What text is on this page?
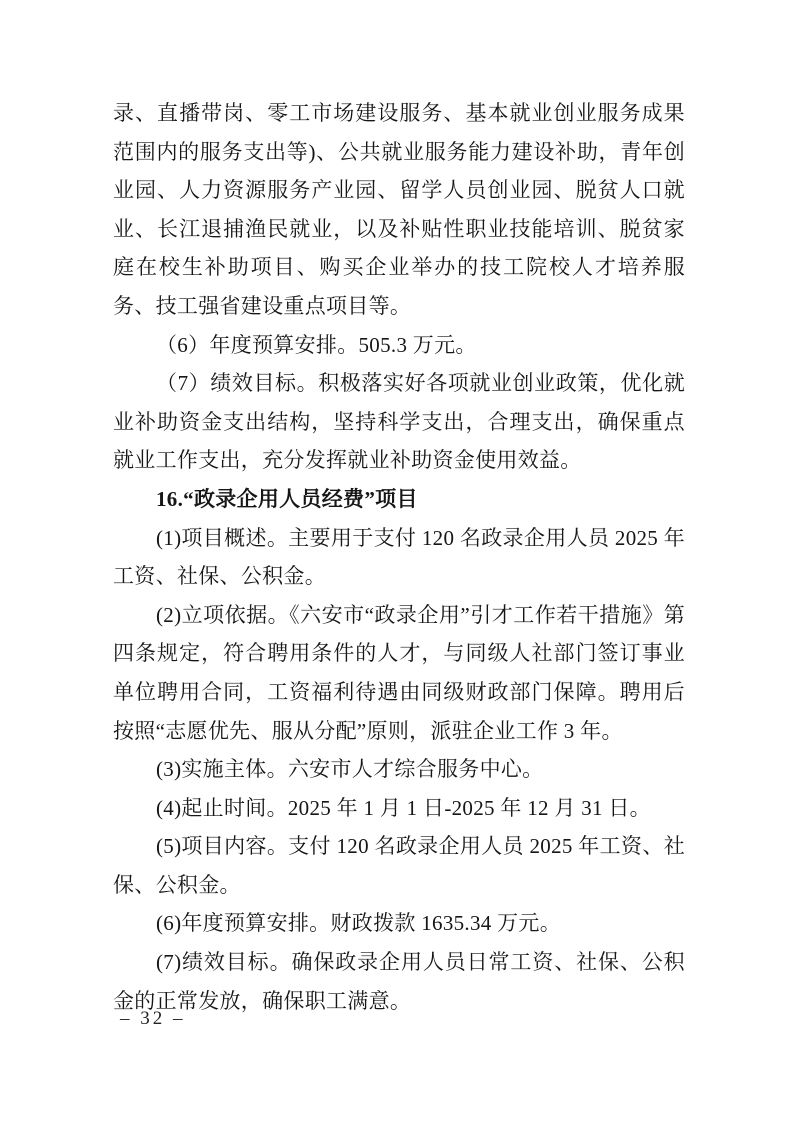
录、直播带岗、零工市场建设服务、基本就业创业服务成果范围内的服务支出等)、公共就业服务能力建设补助，青年创业园、人力资源服务产业园、留学人员创业园、脱贫人口就业、长江退捕渔民就业，以及补贴性职业技能培训、脱贫家庭在校生补助项目、购买企业举办的技工院校人才培养服务、技工强省建设重点项目等。

（6）年度预算安排。505.3 万元。

（7）绩效目标。积极落实好各项就业创业政策，优化就业补助资金支出结构，坚持科学支出，合理支出，确保重点就业工作支出，充分发挥就业补助资金使用效益。

16.“政录企用人员经费”项目

(1)项目概述。主要用于支付 120 名政录企用人员 2025 年工资、社保、公积金。

(2)立项依据。《六安市“政录企用”引才工作若干措施》第四条规定，符合聘用条件的人才，与同级人社部门签订事业单位聘用合同，工资福利待遇由同级财政部门保障。聘用后按照“志愿优先、服从分配”原则，派驻企业工作 3 年。

(3)实施主体。六安市人才综合服务中心。

(4)起止时间。2025 年 1 月 1 日-2025 年 12 月 31 日。

(5)项目内容。支付 120 名政录企用人员 2025 年工资、社保、公积金。

(6)年度预算安排。财政拨款 1635.34 万元。

(7)绩效目标。确保政录企用人员日常工资、社保、公积金的正常发放，确保职工满意。

– 32 –
